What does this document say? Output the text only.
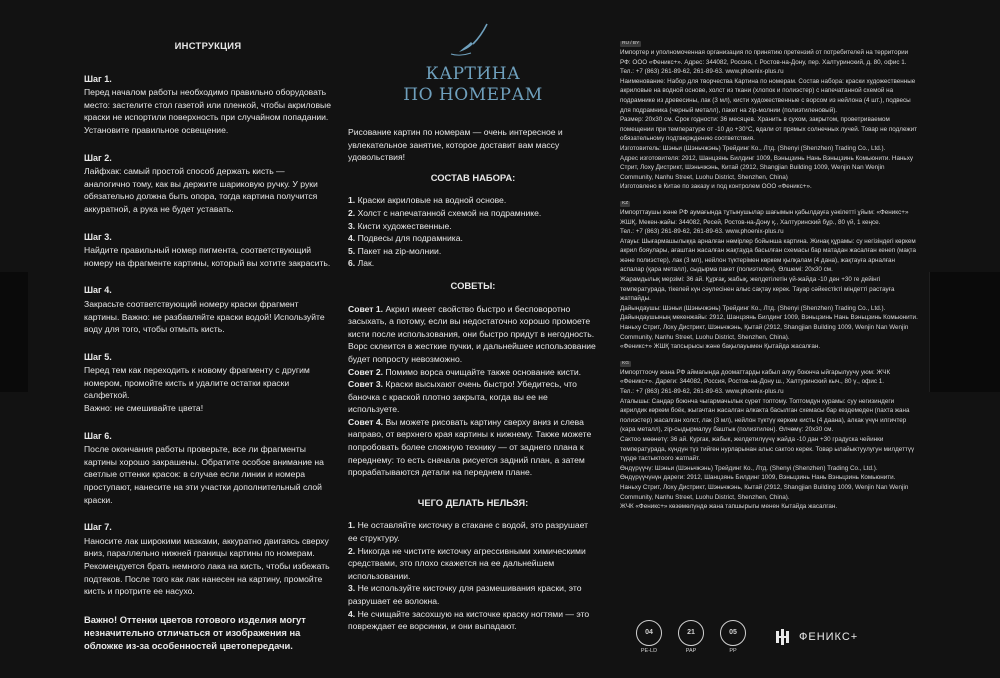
ИНСТРУКЦИЯ
Шаг 1.

Перед началом работы необходимо правильно оборудовать место: застелите стол газетой или пленкой, чтобы акриловые краски не испортили поверхность при случайном попадании. Установите правильное освещение.

Шаг 2.

Лайфхак: самый простой способ держать кисть — аналогично тому, как вы держите шариковую ручку. У руки обязательно должна быть опора, тогда картина получится аккуратной, а рука не будет уставать.

Шаг 3.

Найдите правильный номер пигмента, соответствующий номеру на фрагменте картины, который вы хотите закрасить.

Шаг 4.

Закрасьте соответствующий номеру краски фрагмент картины. Важно: не разбавляйте краски водой! Используйте воду для того, чтобы отмыть кисть.

Шаг 5.

Перед тем как переходить к новому фрагменту с другим номером, промойте кисть и удалите остатки краски салфеткой.

Важно: не смешивайте цвета!

Шаг 6.

После окончания работы проверьте, все ли фрагменты картины хорошо закрашены. Обратите особое внимание на светлые оттенки красок: в случае если линии и номера проступают, нанесите на эти участки дополнительный слой краски.

Шаг 7.

Наносите лак широкими мазками, аккуратно двигаясь сверху вниз, параллельно нижней границы картины по номерам. Рекомендуется брать немного лака на кисть, чтобы избежать подтеков. После того как лак нанесен на картину, промойте кисть и протрите ее насухо.

Важно! Оттенки цветов готового изделия могут незначительно отличаться от изображения на обложке из-за особенностей цветопередачи.
КАРТИНА
ПО НОМЕРАМ

Рисование картин по номерам — очень интересное и увлекательное занятие, которое доставит вам массу удовольствия!

СОСТАВ НАБОРА:
1. Краски акриловые на водной основе.
2. Холст с напечатанной схемой на подрамнике.
3. Кисти художественные.
4. Подвесы для подрамника.
5. Пакет на zip-молнии.
6. Лак.
СОВЕТЫ:

Совет 1. Акрил имеет свойство быстро и бесповоротно засыхать, а потому, если вы недостаточно хорошо промоете кисти после использования, они быстро придут в негодность. Ворс склеится в жесткие пучки, и дальнейшее использование будет попросту невозможно.

Совет 2. Помимо ворса очищайте также основание кисти.

Совет 3. Краски высыхают очень быстро! Убедитесь, что баночка с краской плотно закрыта, когда вы ее не используете.

Совет 4. Вы можете рисовать картину сверху вниз и слева направо, от верхнего края картины к нижнему. Также можете попробовать более сложную технику — от заднего плана к переднему: то есть сначала рисуется задний план, а затем прорабатываются детали на переднем плане.

ЧЕГО ДЕЛАТЬ НЕЛЬЗЯ:
1. Не оставляйте кисточку в стакане с водой, это разрушает ее структуру.
2. Никогда не чистите кисточку агрессивными химическими средствами, это плохо скажется на ее дальнейшем использовании.
3. Не используйте кисточку для размешивания краски, это разрушает ее волокна.
4. Не счищайте засохшую на кисточке краску ногтями — это повреждает ее ворсинки, и они выпадают.
RU / BY

Импортер и уполномоченная организация по принятию претензий от потребителей на территории РФ: ООО «Феникс+». Адрес: 344082, Россия, г. Ростов-на-Дону, пер. Халтуринский, д. 80, офис 1.

Тел.: +7 (863) 261-89-62, 261-89-63. www.phoenix-plus.ru

Наименование: Набор для творчества Картина по номерам. Состав набора: краски художественные акриловые на водной основе, холст из ткани (хлопок и полиэстер) с напечатанной схемой на подрамнике из древесины, лак (3 мл), кисти художественные с ворсом из нейлона (4 шт.), подвесы для подрамника (черный металл), пакет на zip-молнии (полиэтиленовый).

Размер: 20x30 см. Срок годности: 36 месяцев. Хранить в сухом, закрытом, проветриваемом помещении при температуре от -10 до +30°С, вдали от прямых солнечных лучей. Товар не подлежит обязательному подтверждению соответствия.

Изготовитель: Шэньи (Шэньчжэнь) Трейдинг Ко., Лтд. (Shenyi (Shenzhen) Trading Co., Ltd.).

Адрес изготовителя: 2912, Шанцзянь Билдинг 1009, Вэньцзинь Нань Вэньцзинь Комьюнити. Наньху Стрит, Лоху Дистрикт, Шэньчжэнь, Китай (2912, Shangjian Building 1009, Wenjin Nan Wenjin Community, Nanhu Street, Luohu District, Shenzhen, China)

Изготовлено в Китае по заказу и под контролем ООО «Феникс+».

KZ

Импорттаушы және РФ аумағында тұтынушылар шағымын қабылдауға уәкілетті ұйым: «Феникс+» ЖШҚ. Мекен-жайы: 344082, Ресей, Ростов-на-Дону қ., Халтуринский бұр., 80 үй, 1 кеңсе.

Тел.: +7 (863) 261-89-62, 261-89-63. www.phoenix-plus.ru

Атауы: Шығармашылыққа арналған нөмірлер бойынша картина. Жинақ құрамы: су негізіндегі көркем акрил бояулары, ағаштан жасалған жақтауда басылған схемасы бар матадан жасалған кенеп (мақта және полиэстер), лак (3 мл), нейлон түктерімен көркем қылқалам (4 дана), жақтауға арналған аспалар (қара металл), сыдырма пакет (полиэтилен). Өлшемі: 20х30 см.

Жарамдылық мерзімі: 36 ай. Құрғақ, жабық, желдетілетін үй-жайда -10 ден +30 ге дейінгі температурада, тікелей күн сәулесінен алыс сақтау керек. Тауар сәйкестікті міндетті растауға жатпайды.

Дайындаушы: Шэньи (Шэньчжэнь) Трейдинг Ко., Лтд. (Shenyi (Shenzhen) Trading Co., Ltd.). Дайындаушының мекенжайы: 2912, Шанцзянь Билдинг 1009, Вэньцзинь Нань Вэньцзинь Комьюнити. Наньху Стрит, Лоху Дистрикт, Шэньчжэнь, Қытай (2912, Shangjian Building 1009, Wenjin Nan Wenjin Community, Nanhu Street, Luohu District, Shenzhen, China).

«Феникс+» ЖШҚ тапсырысы және бақылауымен Қытайда жасалған.

KG

Импорттоочу жана РФ аймагында дооматтарды кабыл алуу боюнча ыйгарылуучу уюм: ЖЧК «Феникс+». Дареги: 344082, Россия, Ростов-на-Дону ш., Халтуринский кыч., 80 ү., офис 1.

Тел.: +7 (863) 261-89-62, 261-89-63. www.phoenix-plus.ru

Аталышы: Сандар боюнча чыгармачылык сүрөт топтому. Топтомдун курамы: суу негизиндеги акрилдик көркөм боёк, жыгачтан жасалган алкакта басылган схемасы бар кездемеден (пахта жана полиэстер) жасалган холст, лак (3 мл), нейлон түктүү көркөм кисть (4 даана), алкак үчүн илгичтер (кара металл), zip-сыдырмалуу баштык (полиэтилен). Өлчөмү: 20х30 см.

Сактоо мөөнөтү: 36 ай. Кургак, жабык, желдетилүүчү жайда -10 дан +30 градуска чейинки температурада, күндүн түз тийген нурларынан алыс сактоо керек. Товар ылайыктуулугун милдеттүү түрдө тастыктоого жатпайт.

Өндүрүүчү: Шэньи (Шэньчжэнь) Трейдинг Ко., Лтд. (Shenyi (Shenzhen) Trading Co., Ltd.). Өндүрүүчүнүн дареги: 2912, Шанцзянь Билдинг 1009, Вэньцзинь Нань Вэньцзинь Комьюнити. Наньху Стрит, Лоху Дистрикт, Шэньчжэнь, Кытай (2912, Shangjian Building 1009, Wenjin Nan Wenjin Community, Nanhu Street, Luohu District, Shenzhen, China).

ЖЧК «Феникс+» көзөмөлүндө жана тапшырыгы менен Кытайда жасалган.

04
PE-LD
21
PAP
05
PP
ФЕНИКС+
